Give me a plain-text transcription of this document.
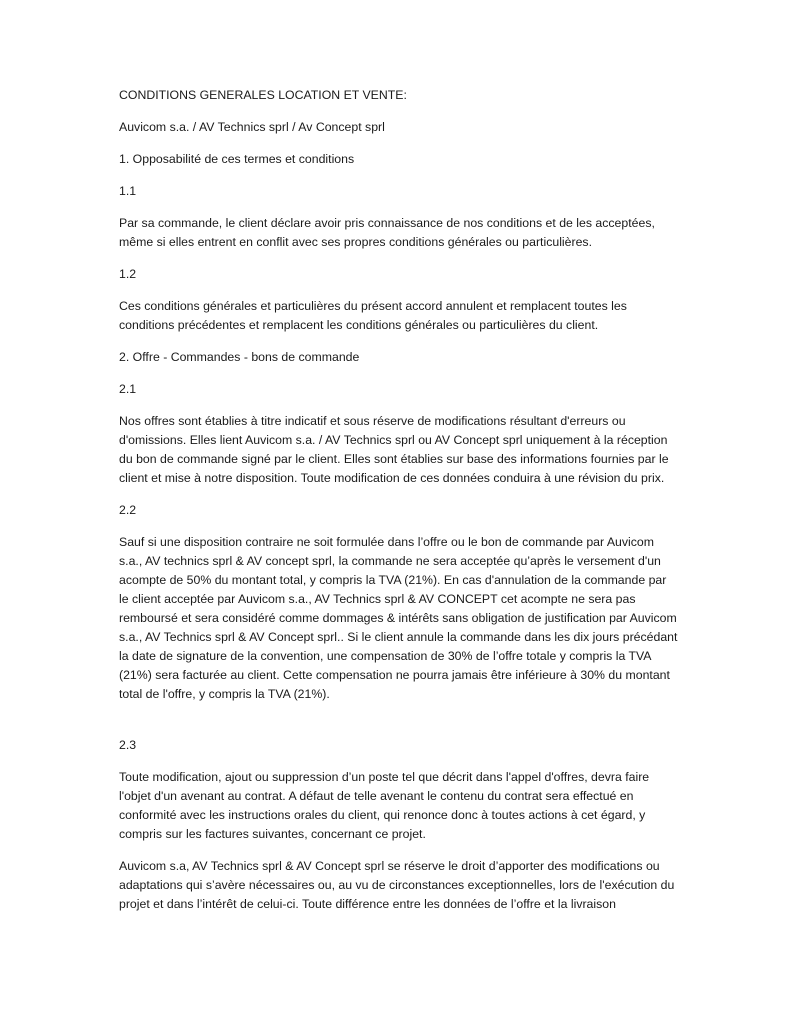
CONDITIONS GENERALES LOCATION ET VENTE:

Auvicom s.a. / AV Technics sprl / Av Concept sprl

1. Opposabilité de ces termes et conditions

1.1

Par sa commande, le client déclare avoir pris connaissance de nos conditions et de les acceptées, même si elles entrent en conflit avec ses propres conditions générales ou particulières.

1.2

Ces conditions générales et particulières du présent accord annulent et remplacent toutes les conditions précédentes et remplacent les conditions générales ou particulières du client.

2. Offre - Commandes - bons de commande

2.1

Nos offres sont établies à titre indicatif et sous réserve de modifications résultant d'erreurs ou d'omissions. Elles lient Auvicom s.a. / AV Technics sprl ou AV Concept sprl uniquement à la réception du bon de commande signé par le client. Elles sont établies sur base des informations fournies par le client et mise à notre disposition. Toute modification de ces données conduira à une révision du prix.

2.2

Sauf si une disposition contraire ne soit formulée dans l’offre ou le bon de commande par Auvicom s.a., AV technics sprl & AV concept sprl, la commande ne sera acceptée qu’après le versement d'un acompte de 50% du montant total, y compris la TVA (21%). En cas d'annulation de la commande par le client acceptée par Auvicom s.a., AV Technics sprl & AV CONCEPT cet acompte ne sera pas remboursé et sera considéré comme dommages & intérêts sans obligation de justification par Auvicom s.a., AV Technics sprl & AV Concept sprl.. Si le client annule la commande dans les dix jours précédant la date de signature de la convention, une compensation de 30% de l’offre totale y compris la TVA (21%) sera facturée au client. Cette compensation ne pourra jamais être inférieure à 30% du montant total de l'offre, y compris la TVA (21%).

2.3

Toute modification, ajout ou suppression d’un poste tel que décrit dans l'appel d'offres, devra faire l'objet d'un avenant au contrat. A défaut de telle avenant le contenu du contrat sera effectué en conformité avec les instructions orales du client, qui renonce donc à toutes actions à cet égard, y compris sur les factures suivantes, concernant ce projet.

Auvicom s.a, AV Technics sprl & AV Concept sprl se réserve le droit d’apporter des modifications ou adaptations qui s’avère nécessaires ou, au vu de circonstances exceptionnelles, lors de l'exécution du projet et dans l’intérêt de celui-ci. Toute différence entre les données de l’offre et la livraison
